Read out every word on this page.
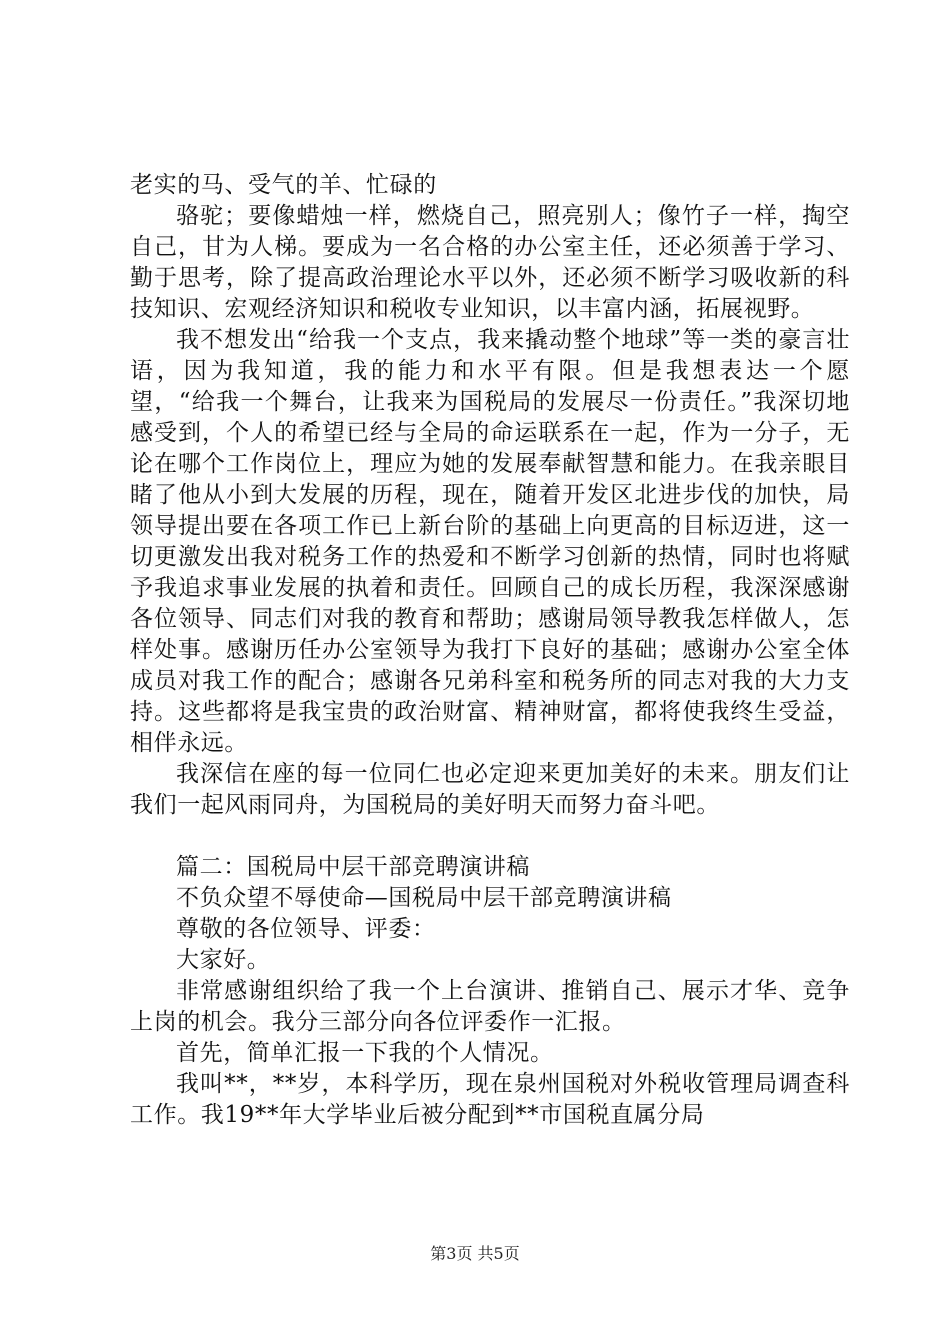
老实的马、受气的羊、忙碌的

骆驼；要像蜡烛一样，燃烧自己，照亮别人；像竹子一样，掏空自己，甘为人梯。要成为一名合格的办公室主任，还必须善于学习、勤于思考，除了提高政治理论水平以外，还必须不断学习吸收新的科技知识、宏观经济知识和税收专业知识，以丰富内涵，拓展视野。

我不想发出“给我一个支点，我来撬动整个地球”等一类的豪言壮语，因为我知道，我的能力和水平有限。但是我想表达一个愿望，“给我一个舞台，让我来为国税局的发展尽一份责任。”我深切地感受到，个人的希望已经与全局的命运联系在一起，作为一分子，无论在哪个工作岗位上，理应为她的发展奉献智慧和能力。在我亲眼目睹了他从小到大发展的历程，现在，随着开发区北进步伐的加快，局领导提出要在各项工作已上新台阶的基础上向更高的目标迈进，这一切更激发出我对税务工作的热爱和不断学习创新的热情，同时也将赋予我追求事业发展的执着和责任。回顾自己的成长历程，我深深感谢各位领导、同志们对我的教育和帮助；感谢局领导教我怎样做人，怎样处事。感谢历任办公室领导为我打下良好的基础；感谢办公室全体成员对我工作的配合；感谢各兄弟科室和税务所的同志对我的大力支持。这些都将是我宝贵的政治财富、精神财富，都将使我终生受益，相伴永远。

我深信在座的每一位同仁也必定迎来更加美好的未来。朋友们让我们一起风雨同舟，为国税局的美好明天而努力奋斗吧。

篇二：国税局中层干部竞聘演讲稿

不负众望不辱使命—国税局中层干部竞聘演讲稿

尊敬的各位领导、评委：

大家好。

非常感谢组织给了我一个上台演讲、推销自己、展示才华、竞争上岗的机会。我分三部分向各位评委作一汇报。

首先，简单汇报一下我的个人情况。

我叫**，**岁，本科学历，现在泉州国税对外税收管理局调查科工作。我19**年大学毕业后被分配到**市国税直属分局

第3页 共5页
